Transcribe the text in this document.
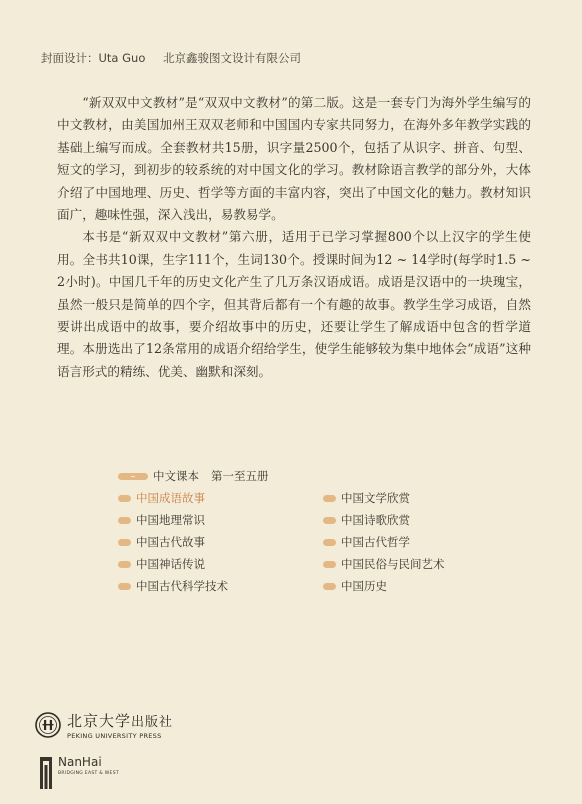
封面设计：Uta Guo 北京鑫骏图文设计有限公司

“新双双中文教材”是“双双中文教材”的第二版。这是一套专门为海外学生编写的中文教材，由美国加州王双双老师和中国国内专家共同努力，在海外多年教学实践的基础上编写而成。全套教材共15册，识字量2500个，包括了从识字、拼音、句型、短文的学习，到初步的较系统的对中国文化的学习。教材除语言教学的部分外，大体介绍了中国地理、历史、哲学等方面的丰富内容，突出了中国文化的魅力。教材知识面广，趣味性强，深入浅出，易教易学。

本书是“新双双中文教材”第六册，适用于已学习掌握800个以上汉字的学生使用。全书共10课，生字111个，生词130个。授课时间为12 ~ 14学时(每学时1.5 ~ 2小时)。中国几千年的历史文化产生了几万条汉语成语。成语是汉语中的一块瑰宝，虽然一般只是简单的四个字，但其背后都有一个有趣的故事。教学生学习成语，自然要讲出成语中的故事，要介绍故事中的历史，还要让学生了解成语中包含的哲学道理。本册选出了12条常用的成语介绍给学生，使学生能够较为集中地体会“成语”这种语言形式的精练、优美、幽默和深刻。

中文课本 第一至五册
中国成语故事
中国地理常识
中国古代故事
中国神话传说
中国古代科学技术
中国文学欣赏
中国诗歌欣赏
中国古代哲学
中国民俗与民间艺术
中国历史
北京大学出版社
PEKING UNIVERSITY PRESS
NanHai
BRIDGING EAST & WEST
